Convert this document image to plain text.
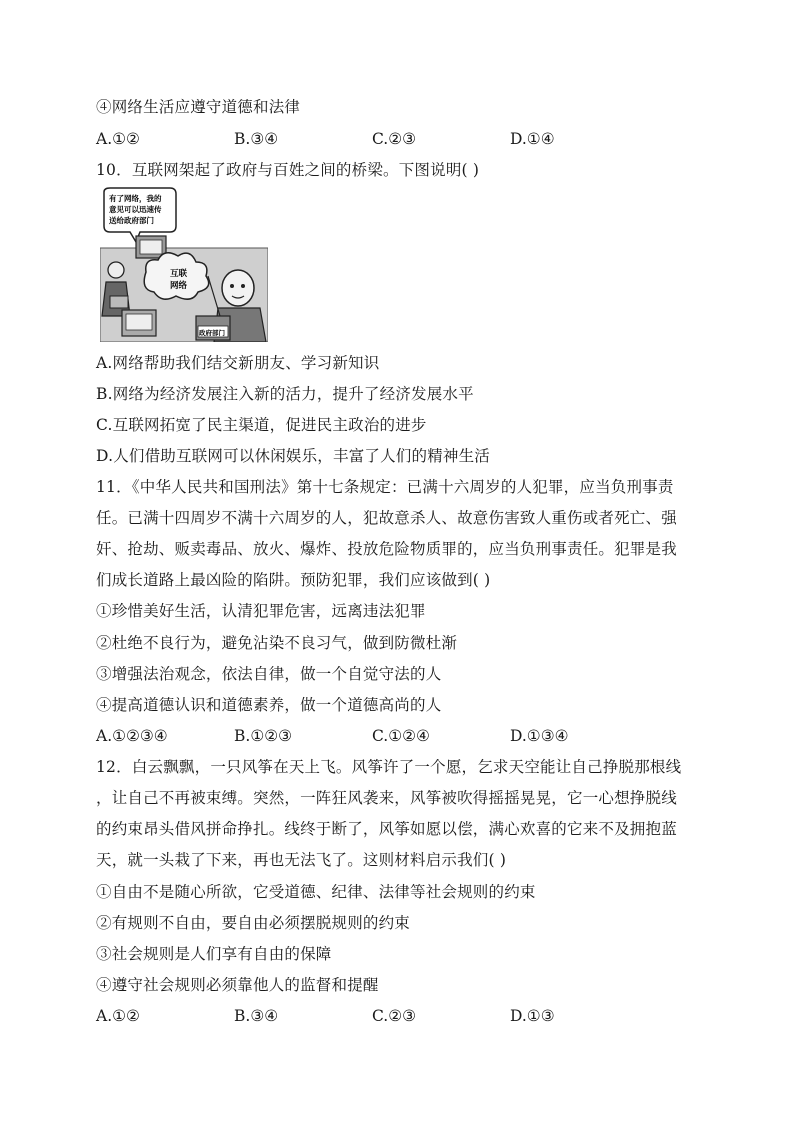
④网络生活应遵守道德和法律
A.①②	B.③④	C.②③	D.①④
10．互联网架起了政府与百姓之间的桥梁。下图说明( )
有了网络，我的
意见可以迅速传
送给政府部门
互联
网络
政府部门
A.网络帮助我们结交新朋友、学习新知识
B.网络为经济发展注入新的活力，提升了经济发展水平
C.互联网拓宽了民主渠道，促进民主政治的进步
D.人们借助互联网可以休闲娱乐，丰富了人们的精神生活
11．《中华人民共和国刑法》第十七条规定：已满十六周岁的人犯罪，应当负刑事责
任。已满十四周岁不满十六周岁的人，犯故意杀人、故意伤害致人重伤或者死亡、强
奸、抢劫、贩卖毒品、放火、爆炸、投放危险物质罪的，应当负刑事责任。犯罪是我
们成长道路上最凶险的陷阱。预防犯罪，我们应该做到( )
①珍惜美好生活，认清犯罪危害，远离违法犯罪
②杜绝不良行为，避免沾染不良习气，做到防微杜渐
③增强法治观念，依法自律，做一个自觉守法的人
④提高道德认识和道德素养，做一个道德高尚的人
A.①②③④	B.①②③	C.①②④	D.①③④
12．白云飘飘，一只风筝在天上飞。风筝许了一个愿，乞求天空能让自己挣脱那根线
，让自己不再被束缚。突然，一阵狂风袭来，风筝被吹得摇摇晃晃，它一心想挣脱线
的约束昂头借风拼命挣扎。线终于断了，风筝如愿以偿，满心欢喜的它来不及拥抱蓝
天，就一头栽了下来，再也无法飞了。这则材料启示我们( )
①自由不是随心所欲，它受道德、纪律、法律等社会规则的约束
②有规则不自由，要自由必须摆脱规则的约束
③社会规则是人们享有自由的保障
④遵守社会规则必须靠他人的监督和提醒
A.①②	B.③④	C.②③	D.①③
